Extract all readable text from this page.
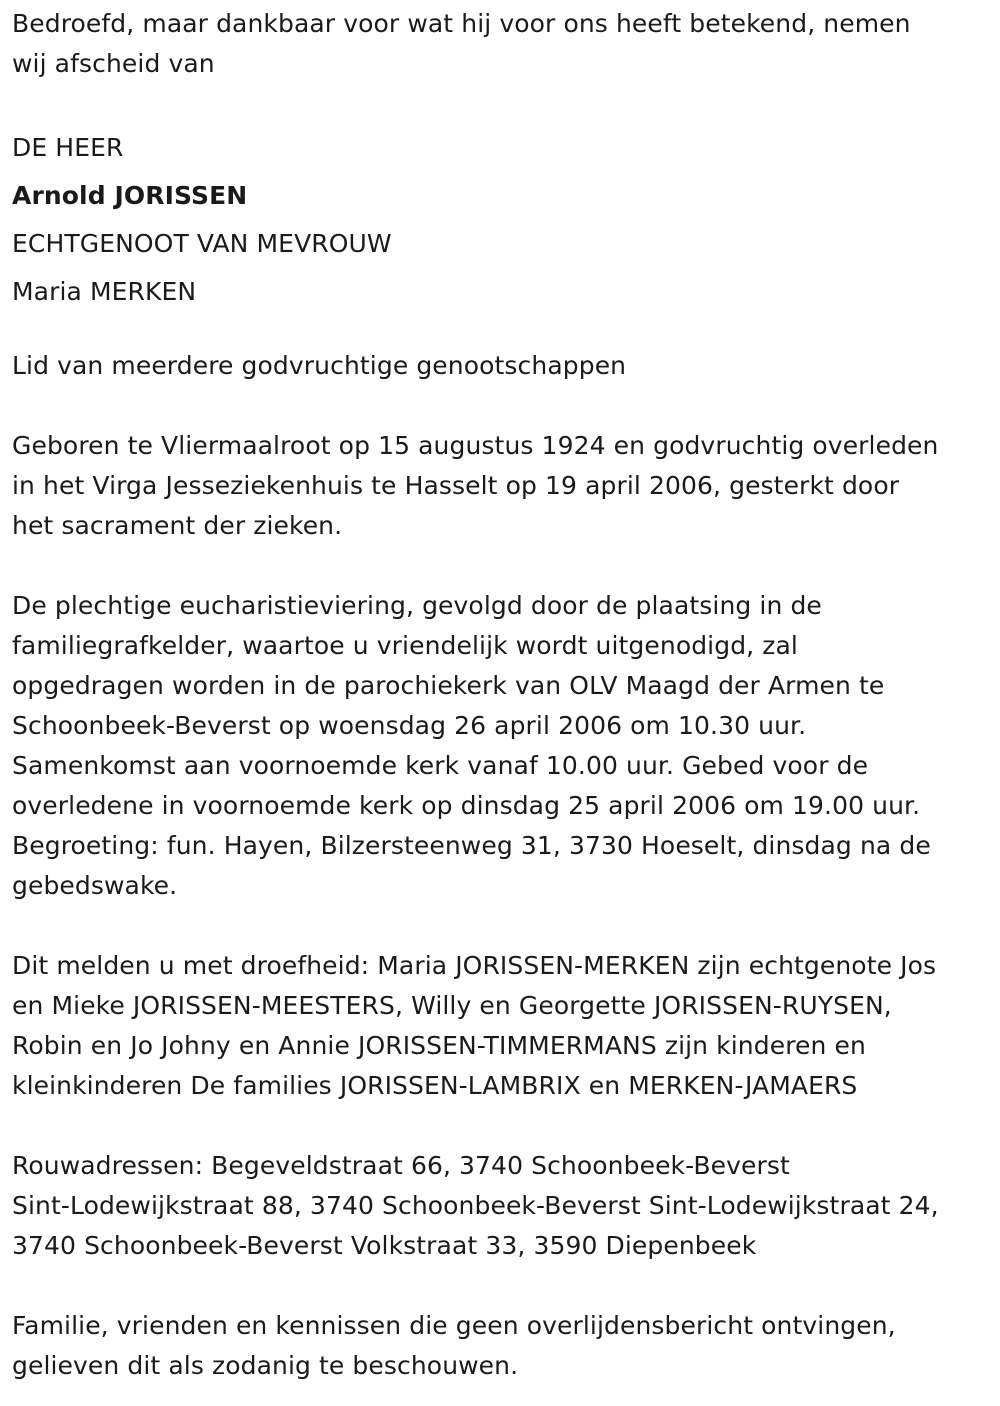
Bedroefd, maar dankbaar voor wat hij voor ons heeft betekend, nemen
wij afscheid van
DE HEER
Arnold JORISSEN
ECHTGENOOT VAN MEVROUW
Maria MERKEN
Lid van meerdere godvruchtige genootschappen
Geboren te Vliermaalroot op 15 augustus 1924 en godvruchtig overleden
in het Virga Jesseziekenhuis te Hasselt op 19 april 2006, gesterkt door
het sacrament der zieken.
De plechtige eucharistieviering, gevolgd door de plaatsing in de
familiegrafkelder, waartoe u vriendelijk wordt uitgenodigd, zal
opgedragen worden in de parochiekerk van OLV Maagd der Armen te
Schoonbeek-Beverst op woensdag 26 april 2006 om 10.30 uur.
Samenkomst aan voornoemde kerk vanaf 10.00 uur. Gebed voor de
overledene in voornoemde kerk op dinsdag 25 april 2006 om 19.00 uur.
Begroeting: fun. Hayen, Bilzersteenweg 31, 3730 Hoeselt, dinsdag na de
gebedswake.
Dit melden u met droefheid: Maria JORISSEN-MERKEN zijn echtgenote Jos
en Mieke JORISSEN-MEESTERS, Willy en Georgette JORISSEN-RUYSEN,
Robin en Jo Johny en Annie JORISSEN-TIMMERMANS zijn kinderen en
kleinkinderen De families JORISSEN-LAMBRIX en MERKEN-JAMAERS
Rouwadressen: Begeveldstraat 66, 3740 Schoonbeek-Beverst
Sint-Lodewijkstraat 88, 3740 Schoonbeek-Beverst Sint-Lodewijkstraat 24,
3740 Schoonbeek-Beverst Volkstraat 33, 3590 Diepenbeek
Familie, vrienden en kennissen die geen overlijdensbericht ontvingen,
gelieven dit als zodanig te beschouwen.
